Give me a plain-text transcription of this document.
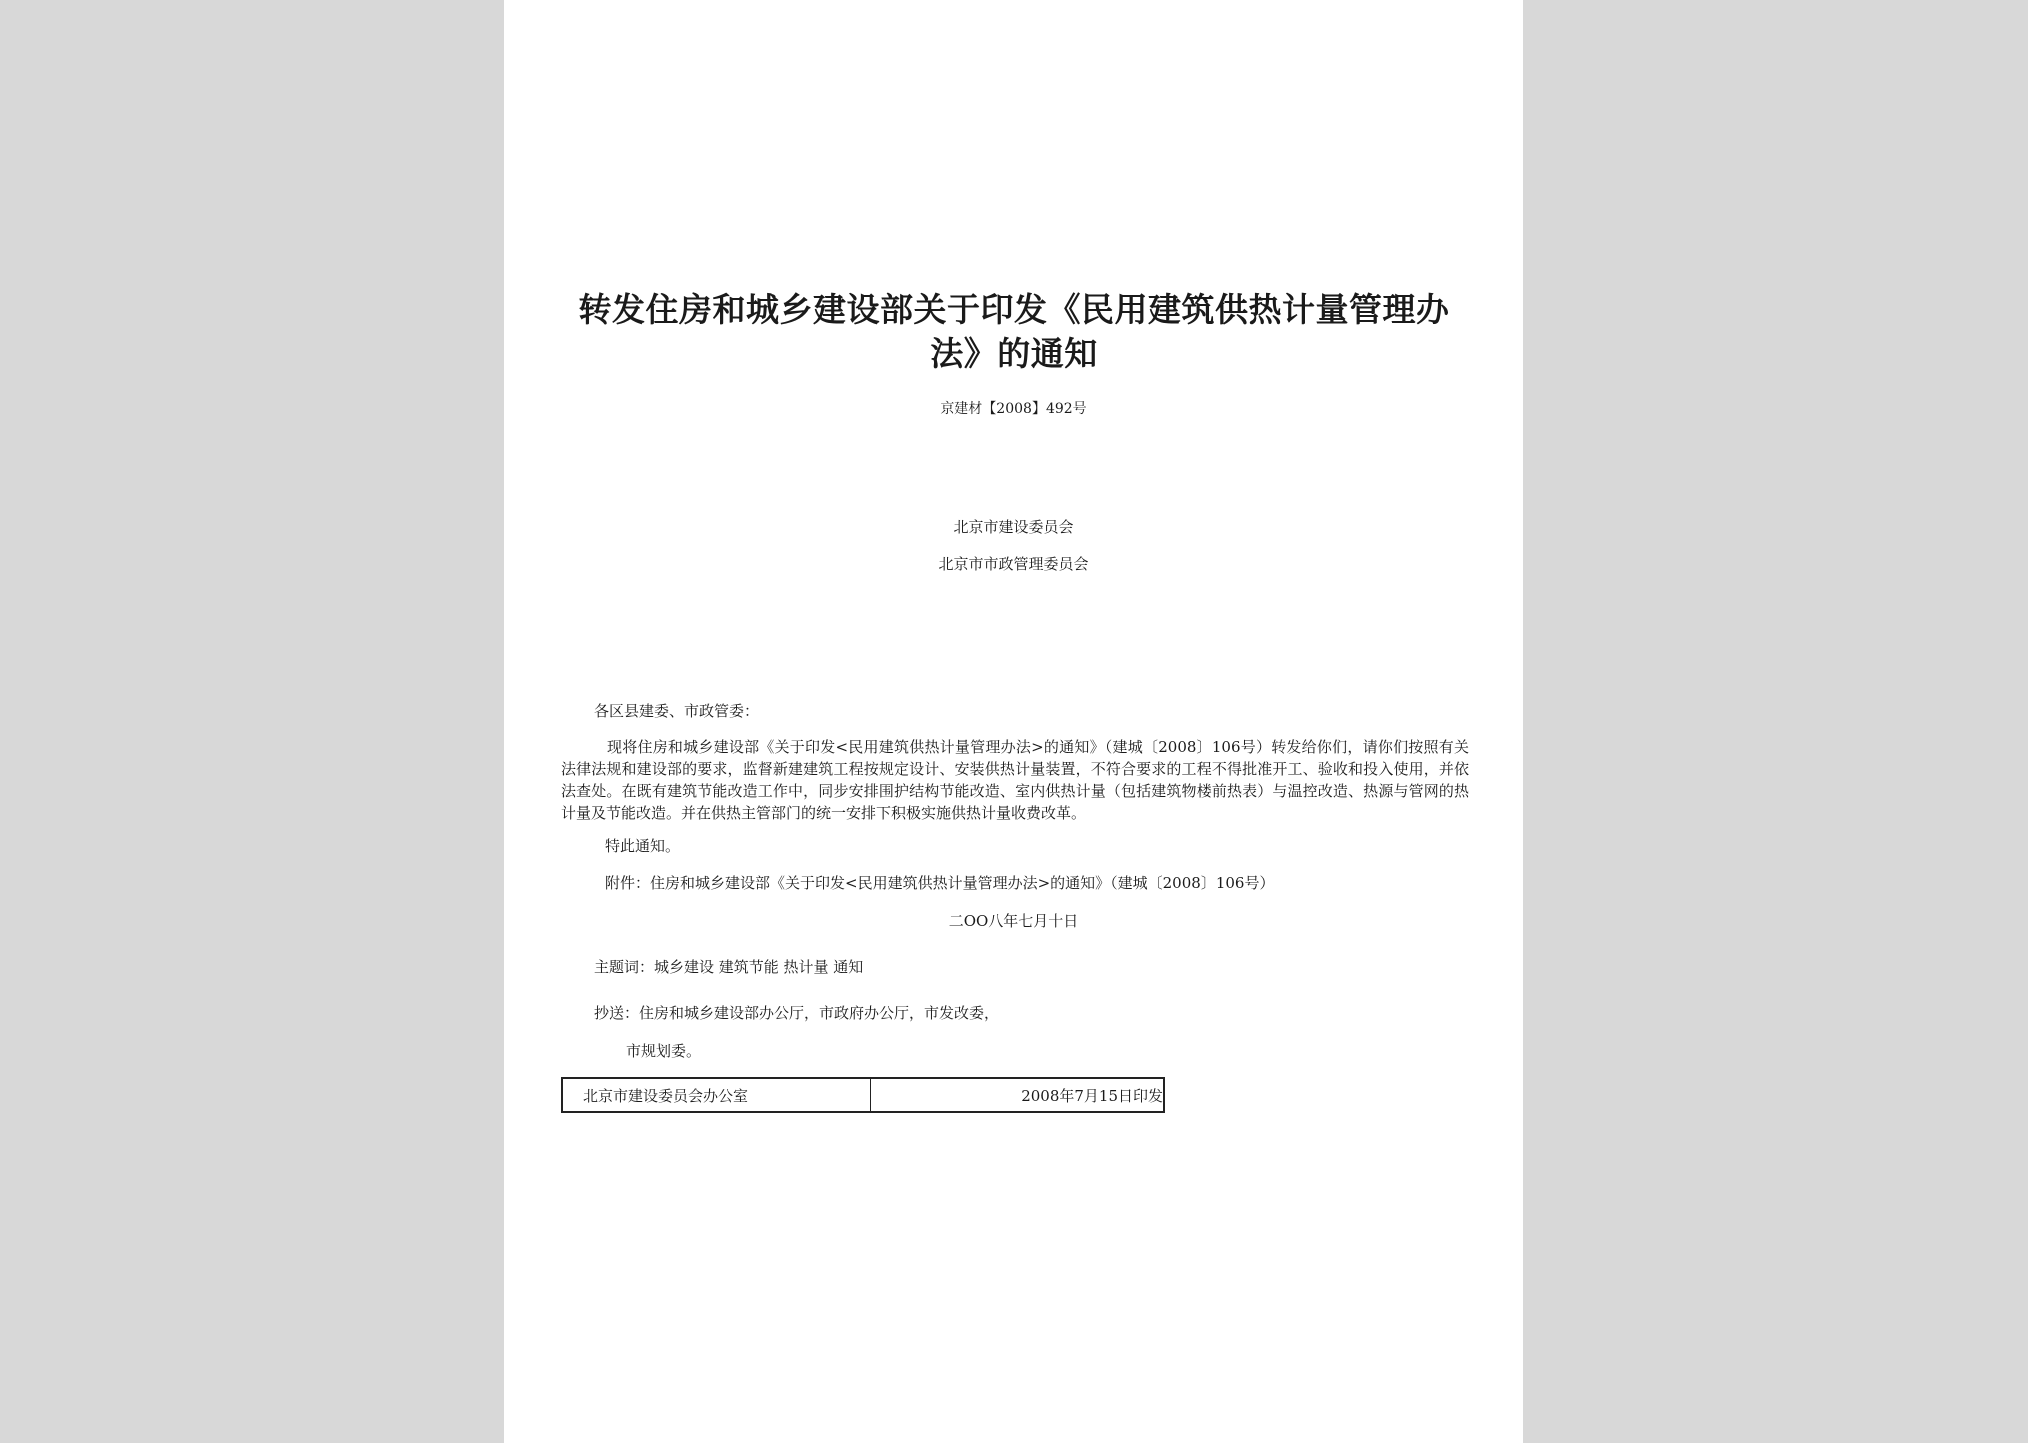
转发住房和城乡建设部关于印发《民用建筑供热计量管理办法》的通知
京建材【2008】492号
北京市建设委员会
北京市市政管理委员会
各区县建委、市政管委：
现将住房和城乡建设部《关于印发<民用建筑供热计量管理办法>的通知》（建城〔2008〕106号）转发给你们，请你们按照有关法律法规和建设部的要求，监督新建建筑工程按规定设计、安装供热计量装置，不符合要求的工程不得批准开工、验收和投入使用，并依法查处。在既有建筑节能改造工作中，同步安排围护结构节能改造、室内供热计量（包括建筑物楼前热表）与温控改造、热源与管网的热计量及节能改造。并在供热主管部门的统一安排下积极实施供热计量收费改革。
特此通知。
附件：住房和城乡建设部《关于印发<民用建筑供热计量管理办法>的通知》（建城〔2008〕106号）
二OO八年七月十日
主题词：城乡建设 建筑节能 热计量 通知
抄送：住房和城乡建设部办公厅，市政府办公厅，市发改委，
市规划委。
北京市建设委员会办公室	2008年7月15日印发
